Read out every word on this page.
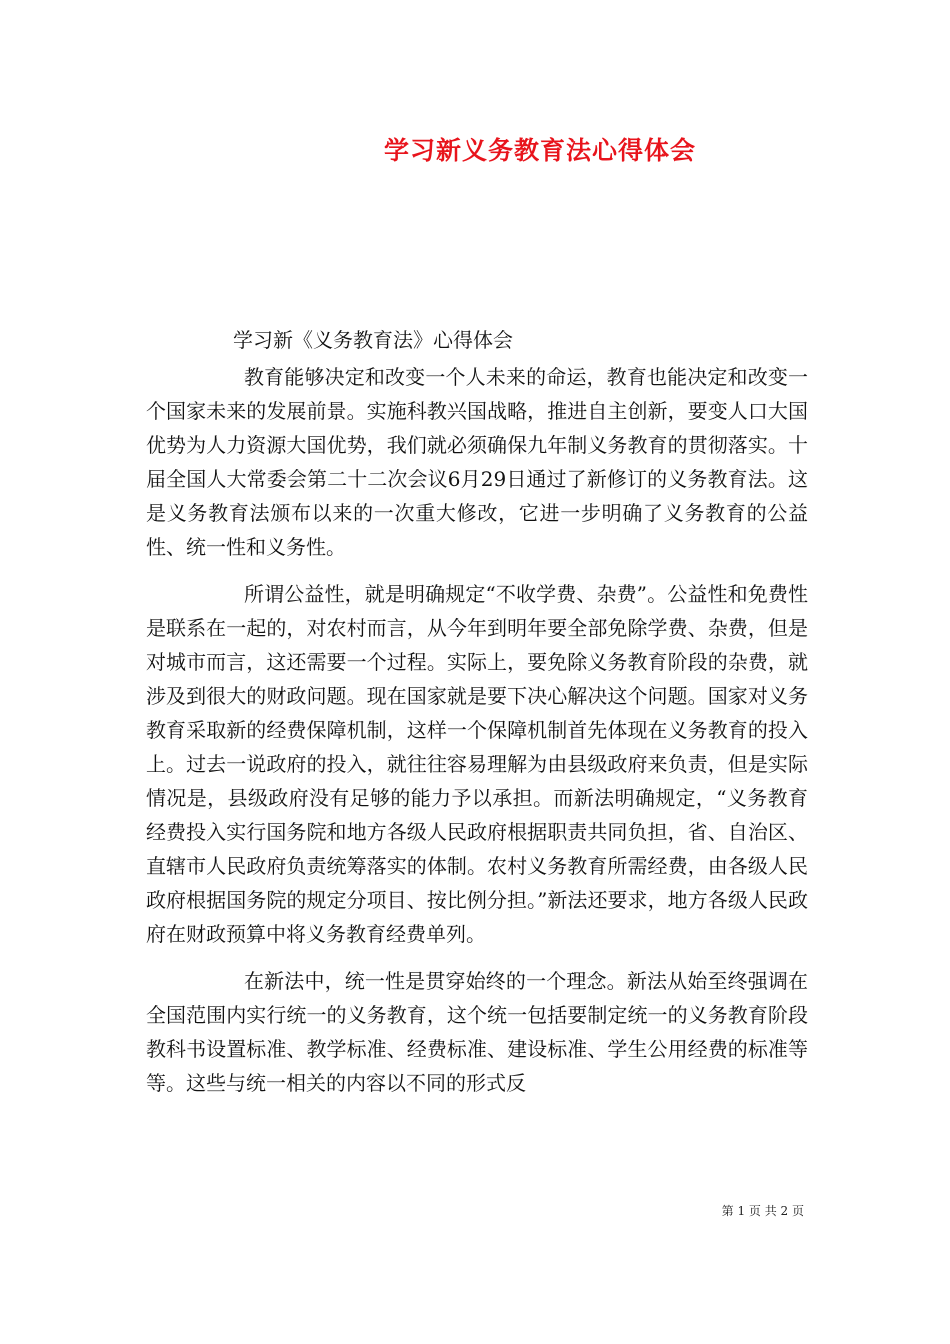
学习新义务教育法心得体会
学习新《义务教育法》心得体会

教育能够决定和改变一个人未来的命运，教育也能决定和改变一个国家未来的发展前景。实施科教兴国战略，推进自主创新，要变人口大国优势为人力资源大国优势，我们就必须确保九年制义务教育的贯彻落实。十届全国人大常委会第二十二次会议6月29日通过了新修订的义务教育法。这是义务教育法颁布以来的一次重大修改，它进一步明确了义务教育的公益性、统一性和义务性。

所谓公益性，就是明确规定“不收学费、杂费”。公益性和免费性是联系在一起的，对农村而言，从今年到明年要全部免除学费、杂费，但是对城市而言，这还需要一个过程。实际上，要免除义务教育阶段的杂费，就涉及到很大的财政问题。现在国家就是要下决心解决这个问题。国家对义务教育采取新的经费保障机制，这样一个保障机制首先体现在义务教育的投入上。过去一说政府的投入，就往往容易理解为由县级政府来负责，但是实际情况是，县级政府没有足够的能力予以承担。而新法明确规定，“义务教育经费投入实行国务院和地方各级人民政府根据职责共同负担，省、自治区、直辖市人民政府负责统筹落实的体制。农村义务教育所需经费，由各级人民政府根据国务院的规定分项目、按比例分担。”新法还要求，地方各级人民政府在财政预算中将义务教育经费单列。

在新法中，统一性是贯穿始终的一个理念。新法从始至终强调在全国范围内实行统一的义务教育，这个统一包括要制定统一的义务教育阶段教科书设置标准、教学标准、经费标准、建设标准、学生公用经费的标准等等。这些与统一相关的内容以不同的形式反

第 1 页 共 2 页
